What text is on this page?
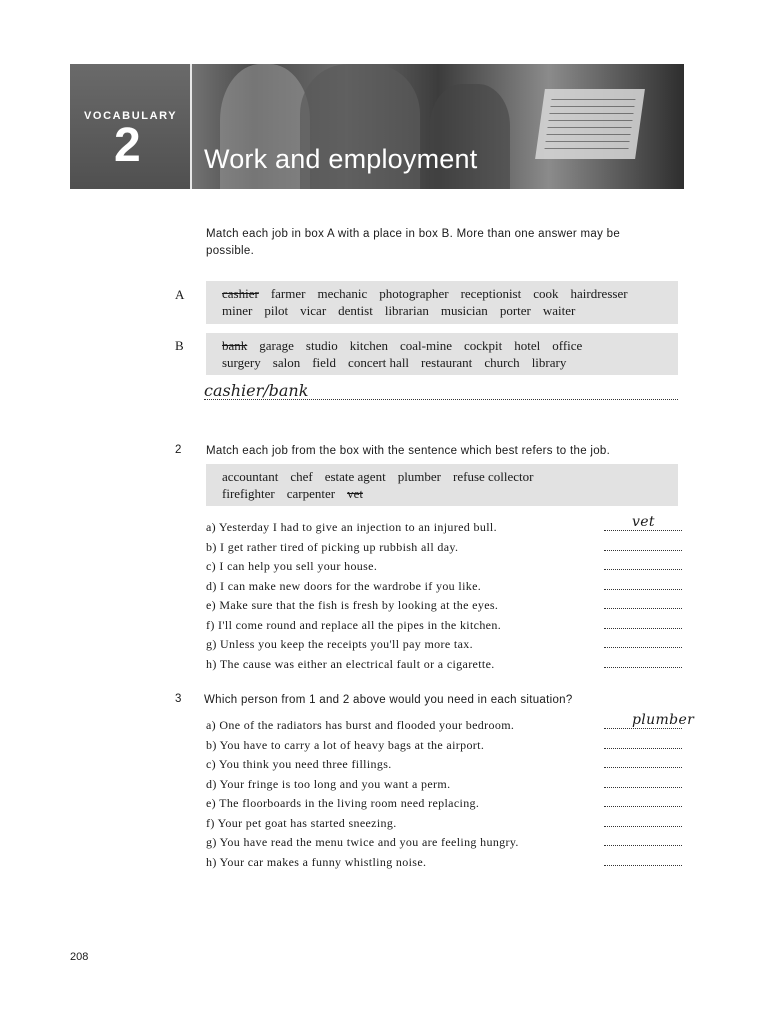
VOCABULARY
2 Work and employment
Match each job in box A with a place in box B. More than one answer may be possible.
A	cashier farmer mechanic photographer receptionist cook hairdresser
miner pilot vicar dentist librarian musician porter waiter
B	bank garage studio kitchen coal-mine cockpit hotel office
surgery salon field concert hall restaurant church library
cashier/bank
2 Match each job from the box with the sentence which best refers to the job.
accountant chef estate agent plumber refuse collector
firefighter carpenter vet
a) Yesterday I had to give an injection to an injured bull.	vet
b) I get rather tired of picking up rubbish all day.
c) I can help you sell your house.
d) I can make new doors for the wardrobe if you like.
e) Make sure that the fish is fresh by looking at the eyes.
f) I'll come round and replace all the pipes in the kitchen.
g) Unless you keep the receipts you'll pay more tax.
h) The cause was either an electrical fault or a cigarette.
3 Which person from 1 and 2 above would you need in each situation?
a) One of the radiators has burst and flooded your bedroom.	plumber
b) You have to carry a lot of heavy bags at the airport.
c) You think you need three fillings.
d) Your fringe is too long and you want a perm.
e) The floorboards in the living room need replacing.
f) Your pet goat has started sneezing.
g) You have read the menu twice and you are feeling hungry.
h) Your car makes a funny whistling noise.
208
